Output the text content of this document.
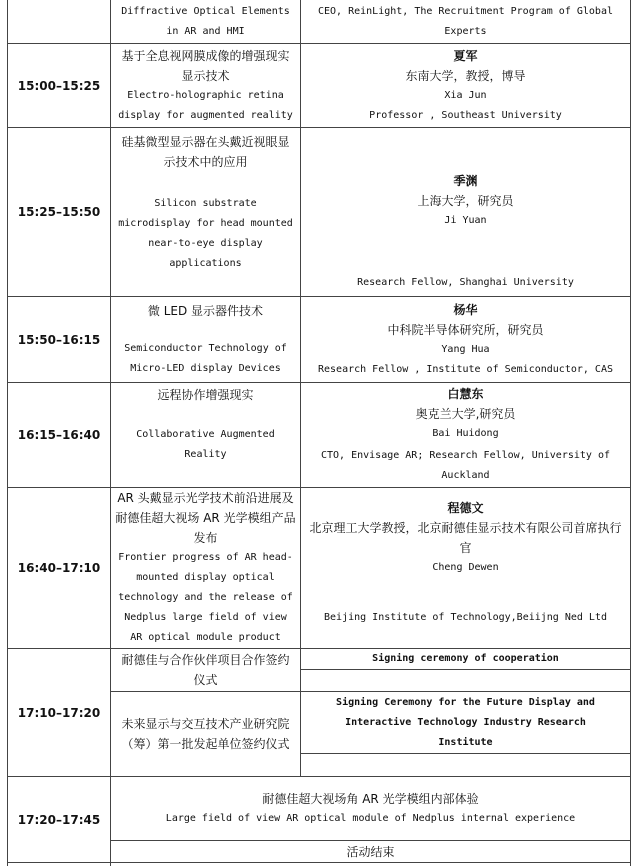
Diffractive Optical Elements
in AR and HMI
CEO, ReinLight, The Recruitment Program of Global
Experts
15:00–15:25
基于全息视网膜成像的增强现实
显示技术
Electro-holographic retina
display for augmented reality
夏军
东南大学，教授，博导
Xia Jun
Professor , Southeast University
15:25–15:50
硅基微型显示器在头戴近视眼显
示技术中的应用
Silicon substrate
microdisplay for head mounted
near-to-eye display
applications
季渊
上海大学，研究员
Ji Yuan
Research Fellow, Shanghai University
15:50–16:15
微 LED 显示器件技术
Semiconductor Technology of
Micro-LED display Devices
杨华
中科院半导体研究所，研究员
Yang Hua
Research Fellow , Institute of Semiconductor, CAS
16:15–16:40
远程协作增强现实
Collaborative Augmented
Reality
白慧东
奥克兰大学,研究员
Bai Huidong
CTO, Envisage AR; Research Fellow, University of
Auckland
16:40–17:10
AR 头戴显示光学技术前沿进展及
耐德佳超大视场 AR 光学模组产品
发布
Frontier progress of AR head-
mounted display optical
technology and the release of
Nedplus large field of view
AR optical module product
程德文
北京理工大学教授，北京耐德佳显示技术有限公司首席执行
官
Cheng Dewen
Beijing Institute of Technology,Beiijng Ned Ltd
17:10–17:20
耐德佳与合作伙伴项目合作签约
仪式
Signing ceremony of cooperation
未来显示与交互技术产业研究院
（筹）第一批发起单位签约仪式
Signing Ceremony for the Future Display and
Interactive Technology Industry Research
Institute
17:20–17:45
耐德佳超大视场角 AR 光学模组内部体验
Large field of view AR optical module of Nedplus internal experience
活动结束
